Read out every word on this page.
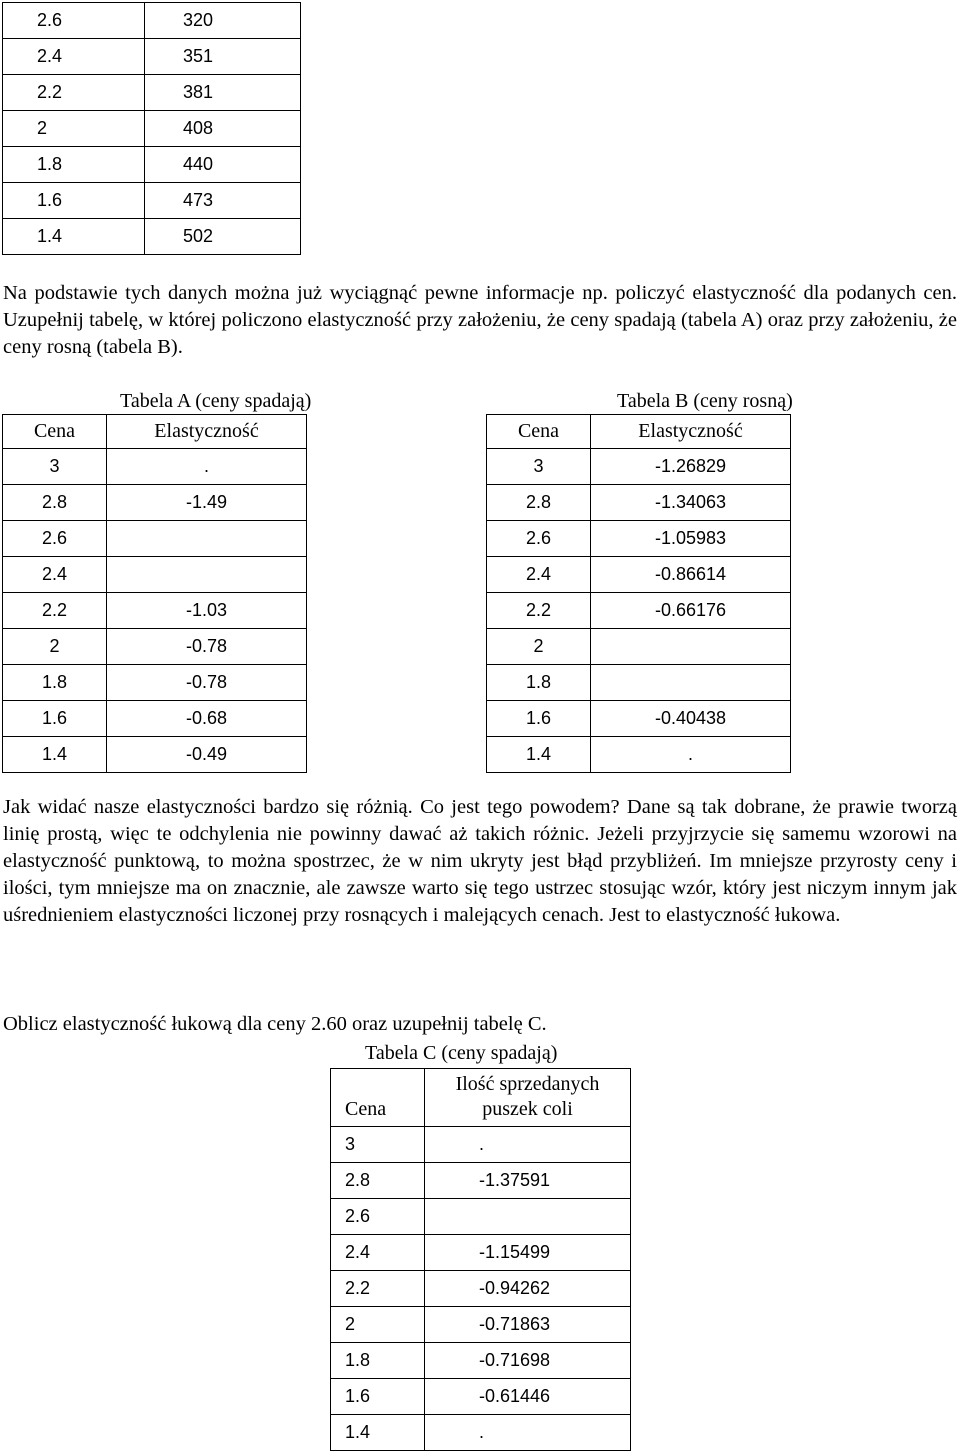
2.6	320
2.4	351
2.2	381
2	408
1.8	440
1.6	473
1.4	502

Na podstawie tych danych można już wyciągnąć pewne informacje np. policzyć elastyczność dla podanych cen. Uzupełnij tabelę, w której policzono elastyczność przy założeniu, że ceny spadają (tabela A) oraz przy założeniu, że ceny rosną (tabela B).

Tabela A (ceny spadają)	Tabela B (ceny rosną)
Cena	Elastyczność
3	.
2.8	-1.49
2.6	
2.4	
2.2	-1.03
2	-0.78
1.8	-0.78
1.6	-0.68
1.4	-0.49
Cena	Elastyczność
3	-1.26829
2.8	-1.34063
2.6	-1.05983
2.4	-0.86614
2.2	-0.66176
2	
1.8	
1.6	-0.40438
1.4	.

Jak widać nasze elastyczności bardzo się różnią. Co jest tego powodem? Dane są tak dobrane, że prawie tworzą linię prostą, więc te odchylenia nie powinny dawać aż takich różnic. Jeżeli przyjrzycie się samemu wzorowi na elastyczność punktową, to można spostrzec, że w nim ukryty jest błąd przybliżeń. Im mniejsze przyrosty ceny i ilości, tym mniejsze ma on znacznie, ale zawsze warto się tego ustrzec stosując wzór, który jest niczym innym jak uśrednieniem elastyczności liczonej przy rosnących i malejących cenach. Jest to elastyczność łukowa.

Oblicz elastyczność łukową dla ceny 2.60 oraz uzupełnij tabelę C.

Tabela C (ceny spadają)
Cena	Ilość sprzedanych
puszek coli
3	.
2.8	-1.37591
2.6	
2.4	-1.15499
2.2	-0.94262
2	-0.71863
1.8	-0.71698
1.6	-0.61446
1.4	.
